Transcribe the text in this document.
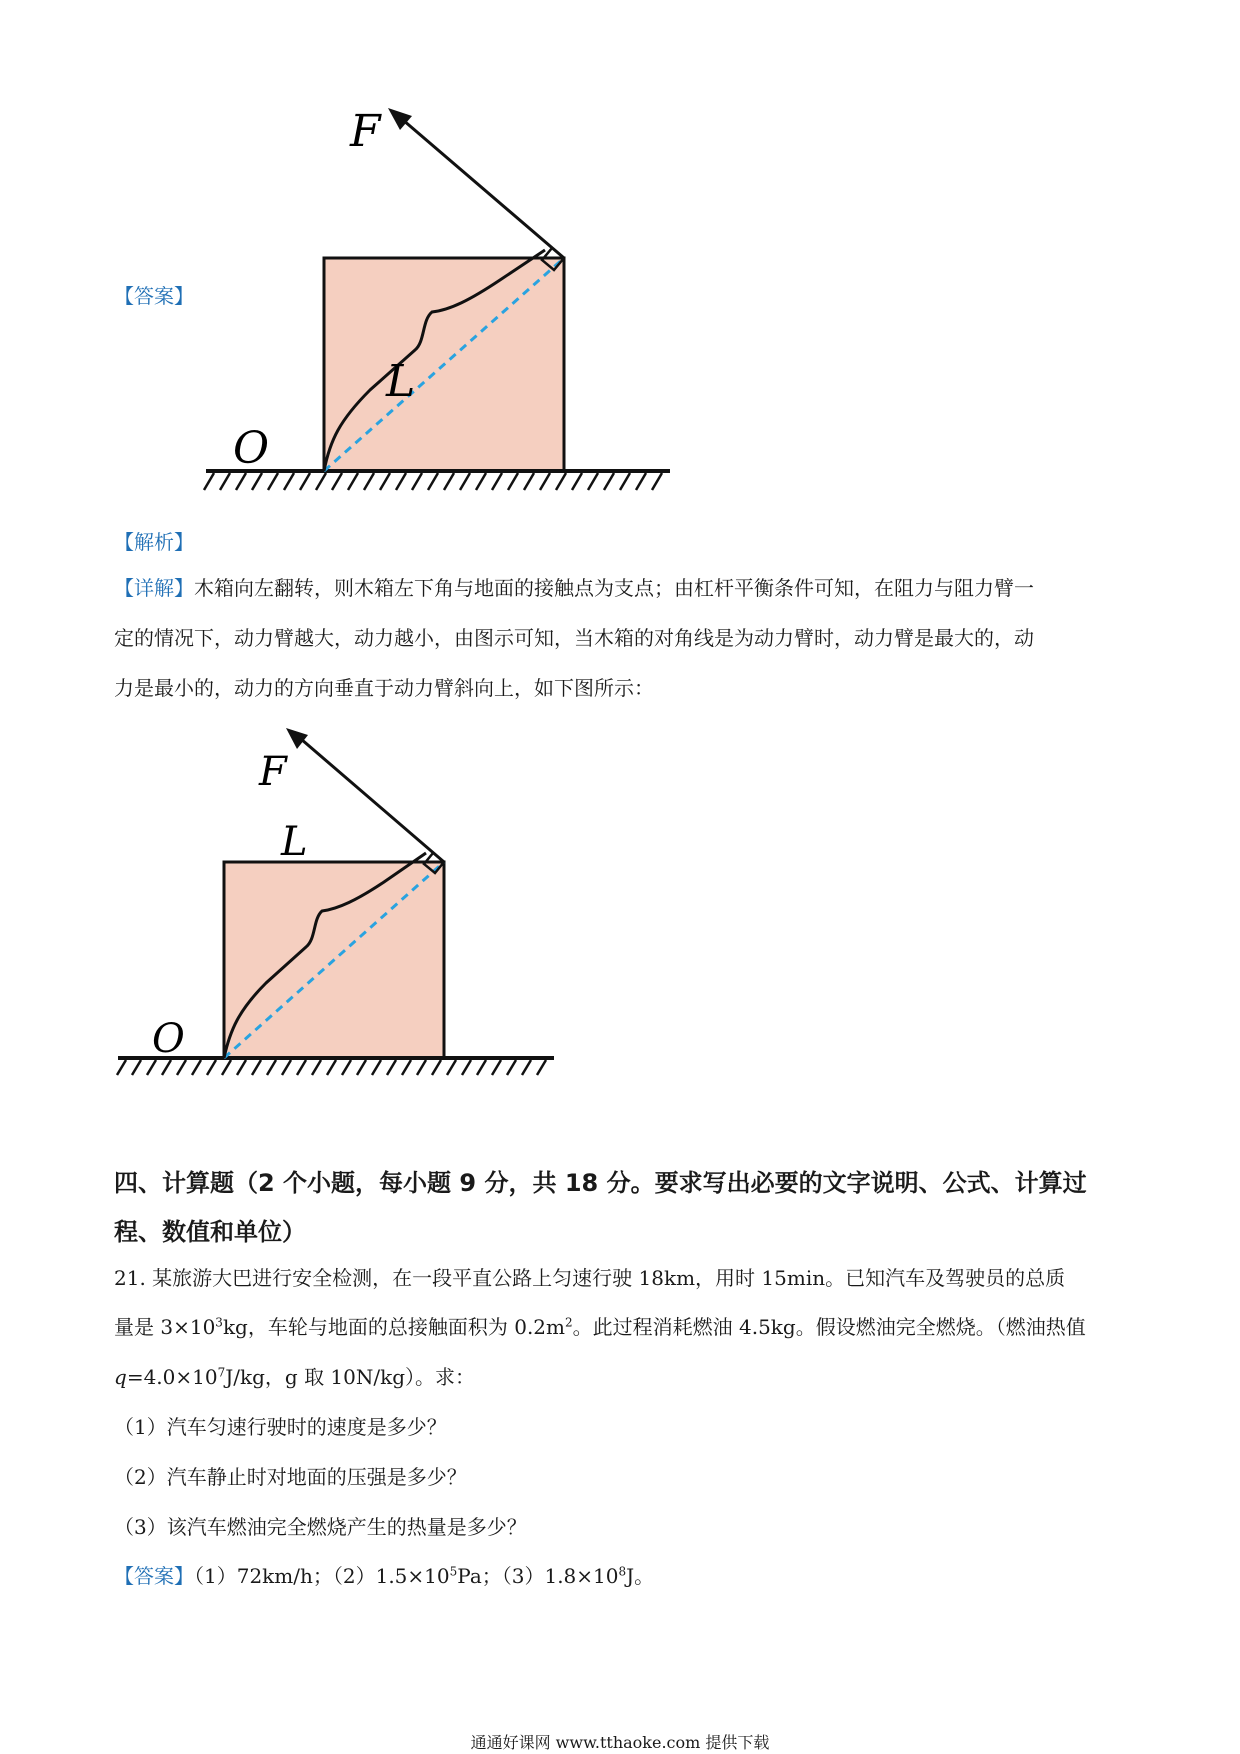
【答案】
F
L
O
【解析】
【详解】木箱向左翻转，则木箱左下角与地面的接触点为支点；由杠杆平衡条件可知，在阻力与阻力臂一
定的情况下，动力臂越大，动力越小，由图示可知，当木箱的对角线是为动力臂时，动力臂是最大的，动
力是最小的，动力的方向垂直于动力臂斜向上，如下图所示：
F
L
O
四、计算题（2 个小题，每小题 9 分，共 18 分。要求写出必要的文字说明、公式、计算过
程、数值和单位）
21. 某旅游大巴进行安全检测，在一段平直公路上匀速行驶 18km，用时 15min。已知汽车及驾驶员的总质
量是 $3\times 10^3kg$，车轮与地面的总接触面积为 $0.2m^2$。此过程消耗燃油 4.5kg。假设燃油完全燃烧。（燃油热值
$q=4.0\times 10^7J/kg$，g 取 10N/kg）。求：
（1）汽车匀速行驶时的速度是多少？
（2）汽车静止时对地面的压强是多少？
（3）该汽车燃油完全燃烧产生的热量是多少？
【答案】（1）72km/h；$(2)1.5\times 10^5Pa$；$(3)1.8\times 10^8J$。
通通好课网 www.tthaoke.com 提供下载
